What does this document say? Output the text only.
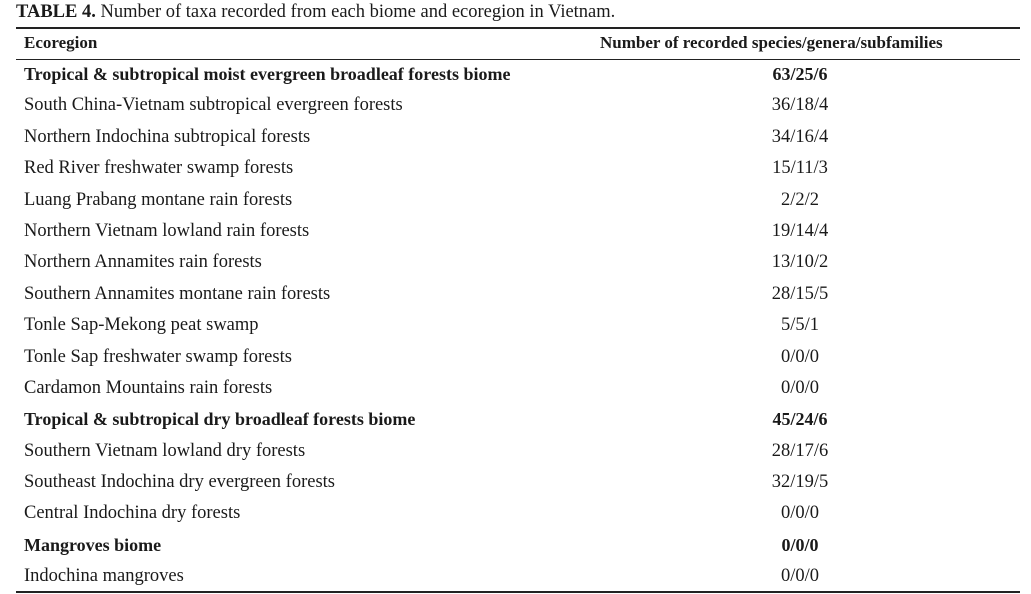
TABLE 4. Number of taxa recorded from each biome and ecoregion in Vietnam.
Ecoregion	Number of recorded species/genera/subfamilies
Tropical & subtropical moist evergreen broadleaf forests biome	63/25/6
South China-Vietnam subtropical evergreen forests	36/18/4
Northern Indochina subtropical forests	34/16/4
Red River freshwater swamp forests	15/11/3
Luang Prabang montane rain forests	2/2/2
Northern Vietnam lowland rain forests	19/14/4
Northern Annamites rain forests	13/10/2
Southern Annamites montane rain forests	28/15/5
Tonle Sap-Mekong peat swamp	5/5/1
Tonle Sap freshwater swamp forests	0/0/0
Cardamon Mountains rain forests	0/0/0
Tropical & subtropical dry broadleaf forests biome	45/24/6
Southern Vietnam lowland dry forests	28/17/6
Southeast Indochina dry evergreen forests	32/19/5
Central Indochina dry forests	0/0/0
Mangroves biome	0/0/0
Indochina mangroves	0/0/0
